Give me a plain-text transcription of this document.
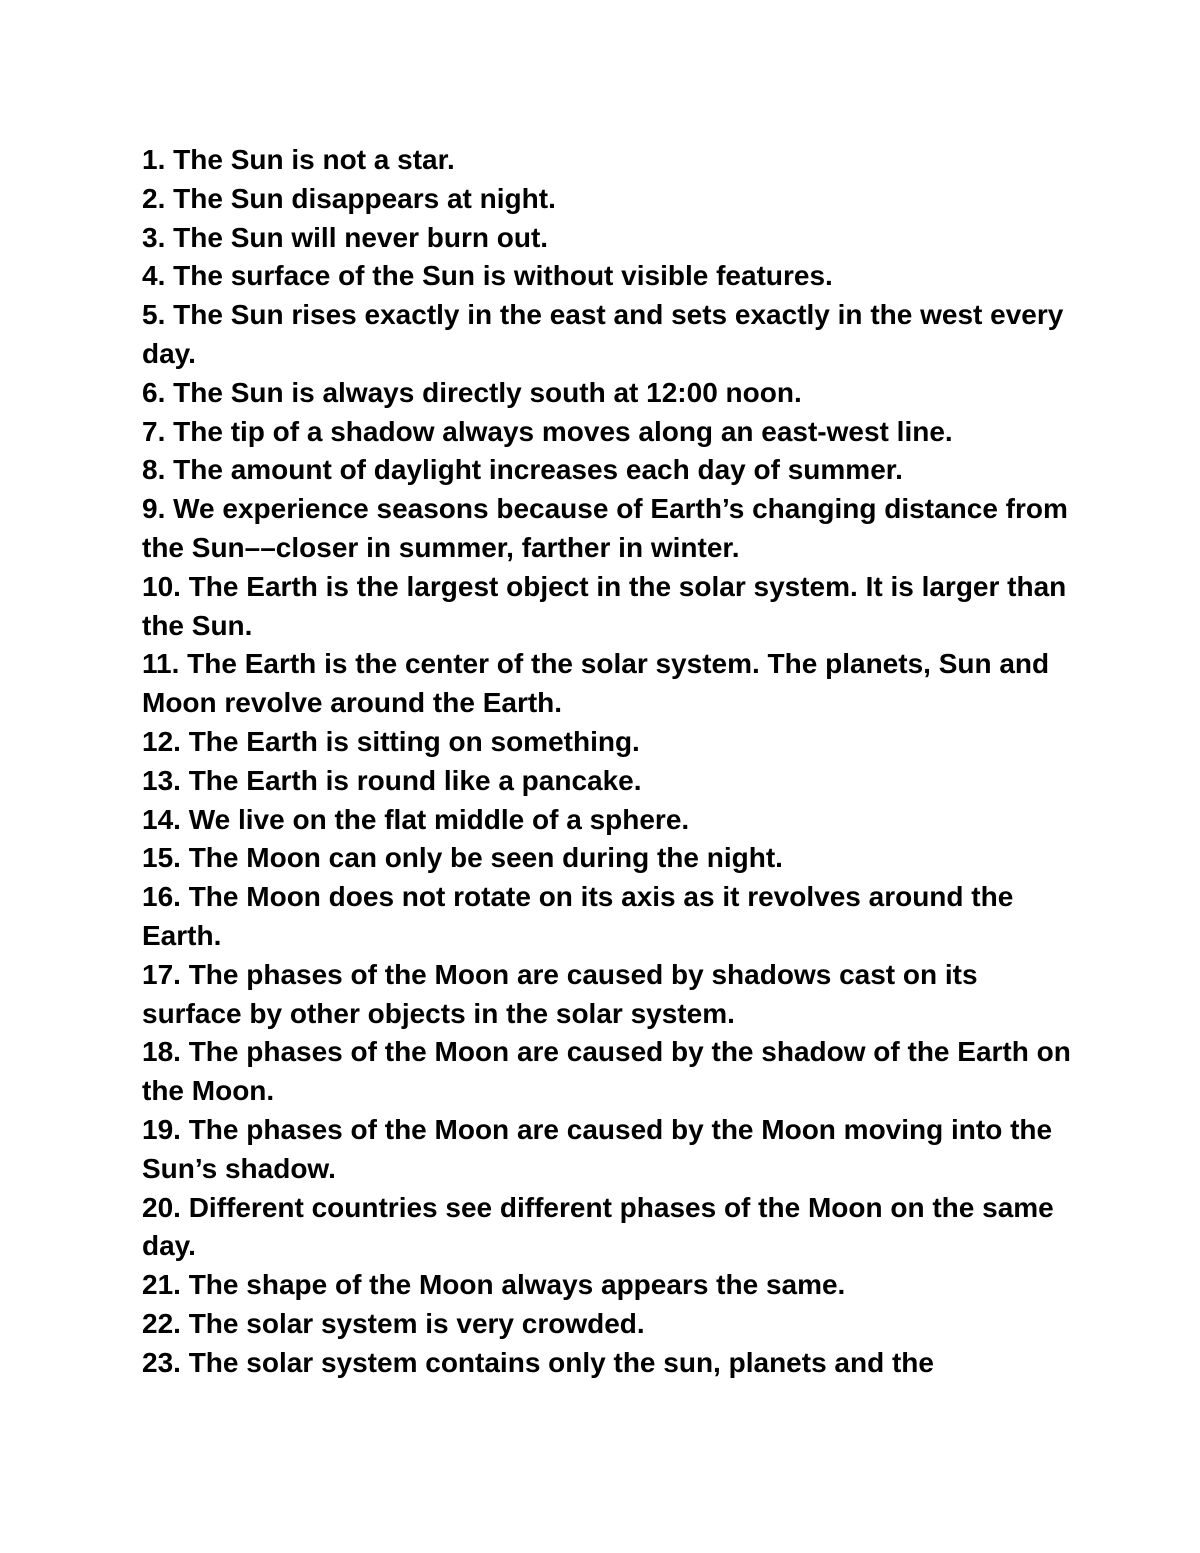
1. The Sun is not a star.

2. The Sun disappears at night.

3. The Sun will never burn out.

4. The surface of the Sun is without visible features.

5. The Sun rises exactly in the east and sets exactly in the west every day.

6. The Sun is always directly south at 12:00 noon.

7. The tip of a shadow always moves along an east-west line.

8. The amount of daylight increases each day of summer.

9. We experience seasons because of Earth’s changing distance from the Sun––closer in summer, farther in winter.

10. The Earth is the largest object in the solar system. It is larger than the Sun.

11. The Earth is the center of the solar system. The planets, Sun and Moon revolve around the Earth.

12. The Earth is sitting on something.

13. The Earth is round like a pancake.

14. We live on the flat middle of a sphere.

15. The Moon can only be seen during the night.

16. The Moon does not rotate on its axis as it revolves around the Earth.

17. The phases of the Moon are caused by shadows cast on its surface by other objects in the solar system.

18. The phases of the Moon are caused by the shadow of the Earth on the Moon.

19. The phases of the Moon are caused by the Moon moving into the Sun’s shadow.

20. Different countries see different phases of the Moon on the same day.

21. The shape of the Moon always appears the same.

22. The solar system is very crowded.

23. The solar system contains only the sun, planets and the
